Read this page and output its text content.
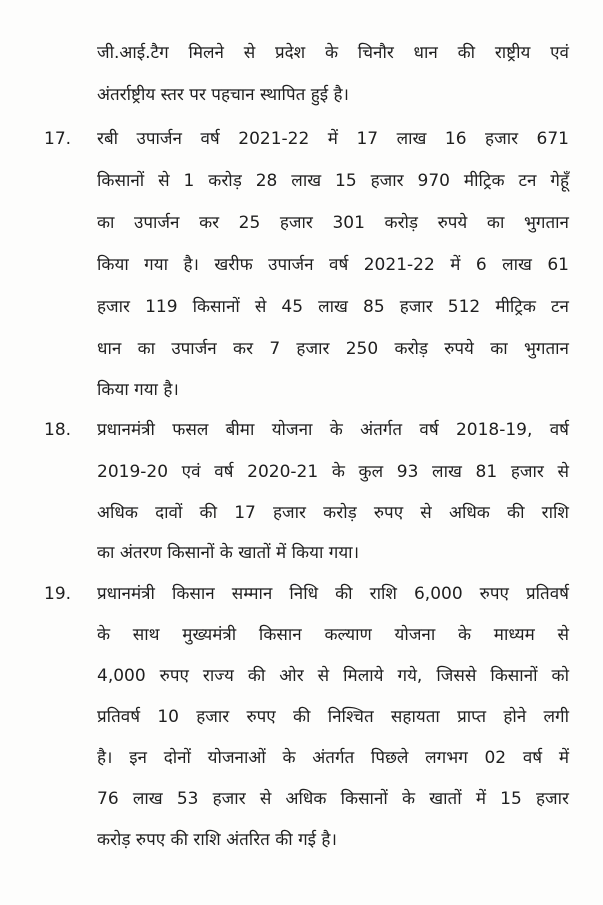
जी.आई.टैग मिलने से प्रदेश के चिनौर धान की राष्ट्रीय एवं
अंतर्राष्ट्रीय स्तर पर पहचान स्थापित हुई है।
17. रबी उपार्जन वर्ष 2021-22 में 17 लाख 16 हजार 671
किसानों से 1 करोड़ 28 लाख 15 हजार 970 मीट्रिक टन गेहूँ
का उपार्जन कर 25 हजार 301 करोड़ रुपये का भुगतान
किया गया है। खरीफ उपार्जन वर्ष 2021-22 में 6 लाख 61
हजार 119 किसानों से 45 लाख 85 हजार 512 मीट्रिक टन
धान का उपार्जन कर 7 हजार 250 करोड़ रुपये का भुगतान
किया गया है।
18. प्रधानमंत्री फसल बीमा योजना के अंतर्गत वर्ष 2018-19, वर्ष
2019-20 एवं वर्ष 2020-21 के कुल 93 लाख 81 हजार से
अधिक दावों की 17 हजार करोड़ रुपए से अधिक की राशि
का अंतरण किसानों के खातों में किया गया।
19. प्रधानमंत्री किसान सम्मान निधि की राशि 6,000 रुपए प्रतिवर्ष
के साथ मुख्यमंत्री किसान कल्याण योजना के माध्यम से
4,000 रुपए राज्य की ओर से मिलाये गये, जिससे किसानों को
प्रतिवर्ष 10 हजार रुपए की निश्चित सहायता प्राप्त होने लगी
है। इन दोनों योजनाओं के अंतर्गत पिछले लगभग 02 वर्ष में
76 लाख 53 हजार से अधिक किसानों के खातों में 15 हजार
करोड़ रुपए की राशि अंतरित की गई है।
